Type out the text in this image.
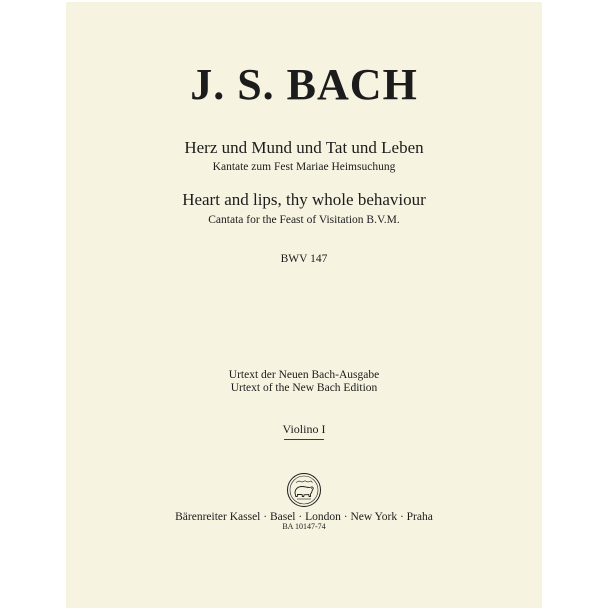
J. S. BACH

Herz und Mund und Tat und Leben

Kantate zum Fest Mariae Heimsuchung

Heart and lips, thy whole behaviour

Cantata for the Feast of Visitation B.V.M.

BWV 147

Urtext der Neuen Bach-Ausgabe

Urtext of the New Bach Edition

Violino I

Bärenreiter Kassel · Basel · London · New York · Praha

BA 10147-74
